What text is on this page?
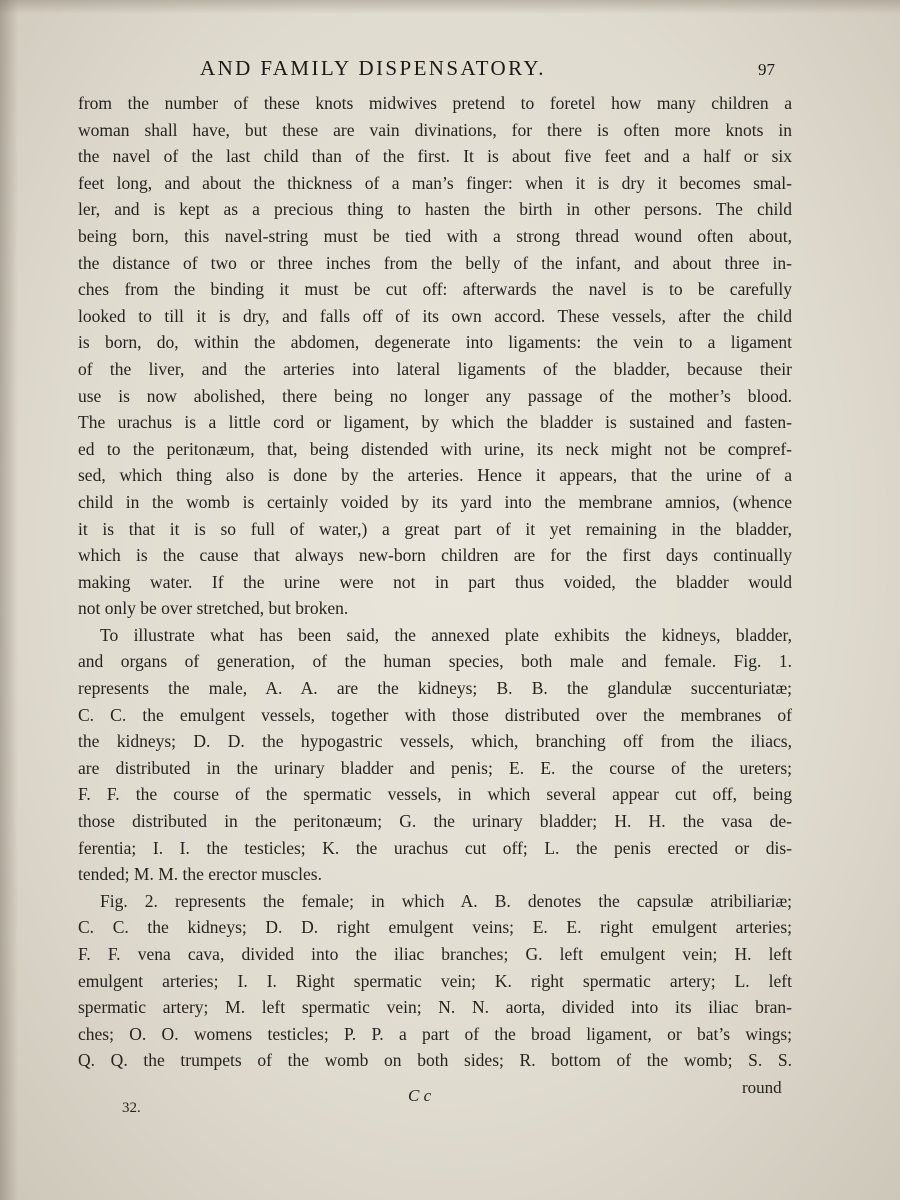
AND FAMILY DISPENSATORY.	97
from the number of these knots midwives pretend to foretel how many children a
woman shall have, but these are vain divinations, for there is often more knots in
the navel of the last child than of the first. It is about five feet and a half or six
feet long, and about the thickness of a man’s finger: when it is dry it becomes smal-
ler, and is kept as a precious thing to hasten the birth in other persons. The child
being born, this navel-string must be tied with a strong thread wound often about,
the distance of two or three inches from the belly of the infant, and about three in-
ches from the binding it must be cut off: afterwards the navel is to be carefully
looked to till it is dry, and falls off of its own accord. These vessels, after the child
is born, do, within the abdomen, degenerate into ligaments: the vein to a ligament
of the liver, and the arteries into lateral ligaments of the bladder, because their
use is now abolished, there being no longer any passage of the mother’s blood.
The urachus is a little cord or ligament, by which the bladder is sustained and fasten-
ed to the peritonæum, that, being distended with urine, its neck might not be compref-
sed, which thing also is done by the arteries. Hence it appears, that the urine of a
child in the womb is certainly voided by its yard into the membrane amnios, (whence
it is that it is so full of water,) a great part of it yet remaining in the bladder,
which is the cause that always new-born children are for the first days continually
making water. If the urine were not in part thus voided, the bladder would
not only be over stretched, but broken.
To illustrate what has been said, the annexed plate exhibits the kidneys, bladder,
and organs of generation, of the human species, both male and female. Fig. 1.
represents the male, A. A. are the kidneys; B. B. the glandulæ succenturiatæ;
C. C. the emulgent vessels, together with those distributed over the membranes of
the kidneys; D. D. the hypogastric vessels, which, branching off from the iliacs,
are distributed in the urinary bladder and penis; E. E. the course of the ureters;
F. F. the course of the spermatic vessels, in which several appear cut off, being
those distributed in the peritonæum; G. the urinary bladder; H. H. the vasa de-
ferentia; I. I. the testicles; K. the urachus cut off; L. the penis erected or dis-
tended; M. M. the erector muscles.
Fig. 2. represents the female; in which A. B. denotes the capsulæ atribiliariæ;
C. C. the kidneys; D. D. right emulgent veins; E. E. right emulgent arteries;
F. F. vena cava, divided into the iliac branches; G. left emulgent vein; H. left
emulgent arteries; I. I. Right spermatic vein; K. right spermatic artery; L. left
spermatic artery; M. left spermatic vein; N. N. aorta, divided into its iliac bran-
ches; O. O. womens testicles; P. P. a part of the broad ligament, or bat’s wings;
Q. Q. the trumpets of the womb on both sides; R. bottom of the womb; S. S.
32.
C c	round
